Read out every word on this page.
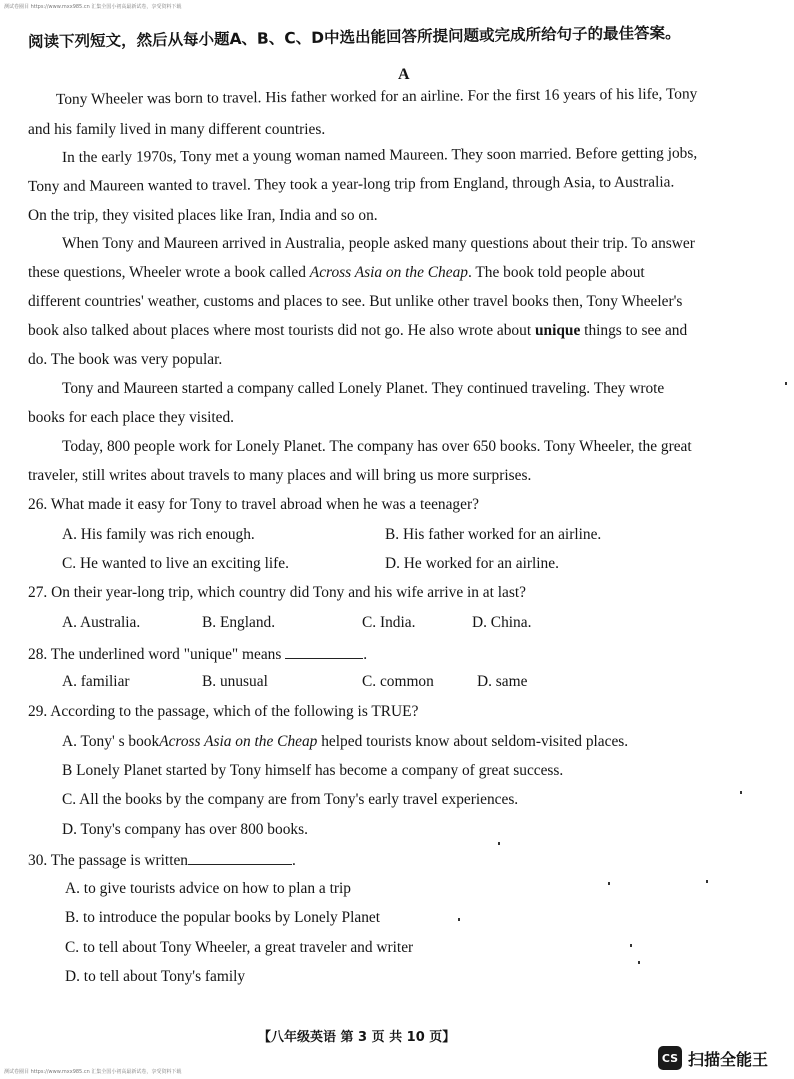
测试卷圈目 https://www.mxx985.cn 汇集全国小初高最新试卷，享受资料下载
阅读下列短文，然后从每小题A、B、C、D中选出能回答所提问题或完成所给句子的最佳答案。
A
Tony Wheeler was born to travel. His father worked for an airline. For the first 16 years of his life, Tony
and his family lived in many different countries.
In the early 1970s, Tony met a young woman named Maureen. They soon married. Before getting jobs,
Tony and Maureen wanted to travel. They took a year-long trip from England, through Asia, to Australia.
On the trip, they visited places like Iran, India and so on.
When Tony and Maureen arrived in Australia, people asked many questions about their trip. To answer
these questions, Wheeler wrote a book called Across Asia on the Cheap. The book told people about
different countries' weather, customs and places to see. But unlike other travel books then, Tony Wheeler's
book also talked about places where most tourists did not go. He also wrote about unique things to see and
do. The book was very popular.
Tony and Maureen started a company called Lonely Planet. They continued traveling. They wrote
books for each place they visited.
Today, 800 people work for Lonely Planet. The company has over 650 books. Tony Wheeler, the great
traveler, still writes about travels to many places and will bring us more surprises.
26. What made it easy for Tony to travel abroad when he was a teenager?
A. His family was rich enough.	B. His father worked for an airline.
C. He wanted to live an exciting life.	D. He worked for an airline.
27. On their year-long trip, which country did Tony and his wife arrive in at last?
A. Australia.	B. England.	C. India.	D. China.
28. The underlined word "unique" means	.
A. familiar	B. unusual	C. common	D. same
29. According to the passage, which of the following is TRUE?
A. Tony' s bookAcross Asia on the Cheap helped tourists know about seldom-visited places.
B Lonely Planet started by Tony himself has become a company of great success.
C. All the books by the company are from Tony's early travel experiences.
D. Tony's company has over 800 books.
30. The passage is written	.
A. to give tourists advice on how to plan a trip
B. to introduce the popular books by Lonely Planet
C. to tell about Tony Wheeler, a great traveler and writer
D. to tell about Tony's family
【八年级英语 第 3 页 共 10 页】
CS 扫描全能王
测试卷圈目 https://www.mxx985.cn 汇集全国小初高最新试卷，享受资料下载
